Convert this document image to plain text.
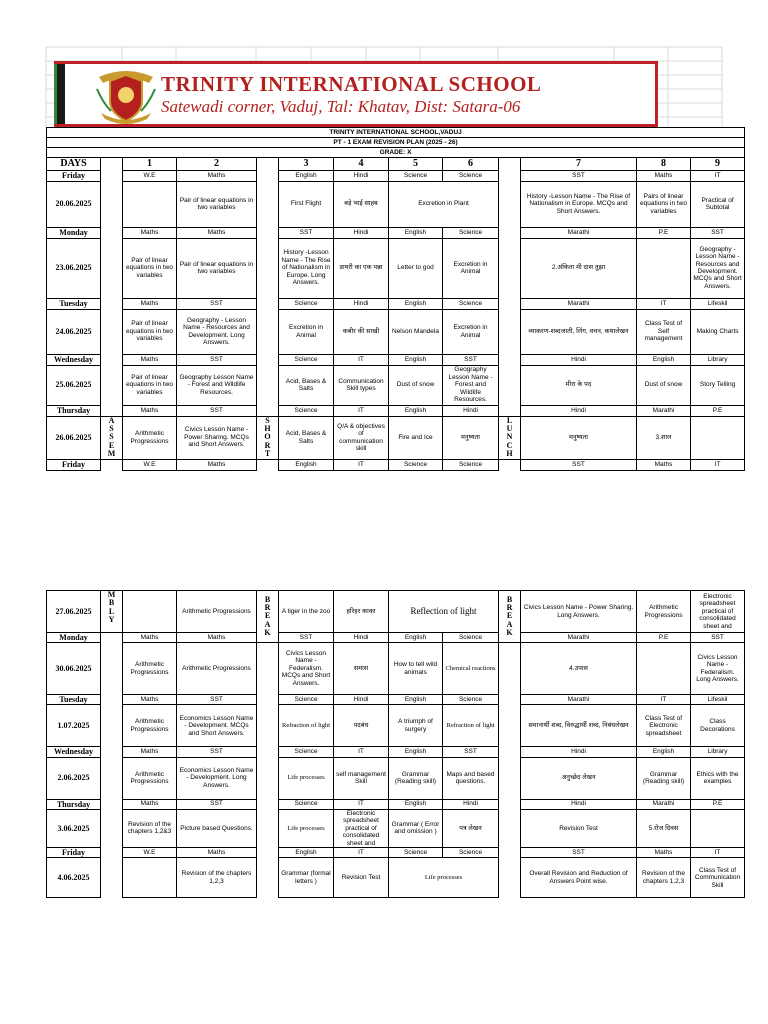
TRINITY INTERNATIONAL SCHOOL
Satewadi corner, Vaduj, Tal: Khatav, Dist: Satara-06
TRINITY INTERNATIONAL SCHOOL,VADUJ												
PT - 1 EXAM REVISION PLAN (2025 - 26)												
GRADE: X												
DAYS		1	2		3	4	5	6		7	8	9
Friday		W.E	Maths		English	Hindi	Science	Science		SST	Maths	IT
20.06.2025			Pair of linear equations in two variables		First Flight	बड़े भाई साहब	Excretion in Plant			History -Lesson Name - The Rise of Nationalism in Europe. MCQs and Short Answers.	Pairs of linear equations in two variables	Practical of Subtotal
Monday		Maths	Maths		SST	Hindi	English	Science		Marathi	P.E	SST
23.06.2025		Pair of linear equations in two variables	Pair of linear equations in two variables		History -Lesson Name - The Rise of Nationalism in Europe. Long Answers.	डायरी का एक पन्ना	Letter to god	Excretion in Animal		2.अंकिता मी दास तुझा		Geography - Lesson Name - Resources and Development. MCQs and Short Answers.
Tuesday		Maths	SST		Science	Hindi	English	Science		Marathi	IT	Lifeskil
24.06.2025		Pair of linear equations in two variables	Geography - Lesson Name - Resources and Development. Long Answers.		Excretion in Animal	कबीर की साखी	Nelson Mandela	Excretion in Animal		व्याकरण-शब्दजाती, लिंग, वचन, कथालेखन	Class Test of Self management	Making Charts
Wednesday		Maths	SST		Science	IT	English	SST		Hindi	English	Library
25.06.2025		Pair of linear equations in two variables	Geography Lesson Name - Forest and Wildlife Resources.		Acid, Bases & Salts	Communication Skill types	Dust of snow	Geography Lesson Name - Forest and Wildlife Resources.		मीरा के पद	Dust of snow	Story Telling
Thursday		Maths	SST		Science	IT	English	Hindi		Hindi	Marathi	P.E
26.06.2025	A S S E M	Arithmetic Progressions	Civics Lesson Name - Power Sharing. MCQs and Short Answers.	S H O R T	Acid, Bases & Salts	Q/A & objectives of communication skill	Fire and Ice	मनुष्यता	L U N C H	मनुष्यता	3.शाल	
Friday		W.E	Maths		English	IT	Science	Science		SST	Maths	IT
27.06.2025	M B L Y		Arithmetic Progressions	B R E A K	A tiger in the zoo	हरिहर काका	Reflection of light		B R E A K	Civics Lesson Name - Power Sharing. Long Answers.	Arithmetic Progressions	Electronic spreadsheet practical of consolidated sheet and
Monday		Maths	Maths		SST	Hindi	English	Science		Marathi	P.E	SST
30.06.2025		Arithmetic Progressions	Arithmetic Progressions		Civics Lesson Name - Federalism. MCQs and Short Answers.	समास	How to tell wild animals	Chemical reactions		4.उपास		Civics Lesson Name - Federalism. Long Answers.
Tuesday		Maths	SST		Science	Hindi	English	Science		Marathi	IT	Lifeskil
1.07.2025		Arithmetic Progressions	Economics Lesson Name - Development. MCQs and Short Answers.		Refraction of light	पदबंध	A triumph of surgery	Refraction of light		समानार्थी शब्द, विरुद्धार्थी शब्द, निबंधलेखन	Class Test of Electronic spreadsheet	Class Decorations
Wednesday		Maths	SST		Science	IT	English	SST		Hindi	English	Library
2.06.2025		Arithmetic Progressions	Economics Lesson Name - Development. Long Answers.		Life processes	self management Skill	Grammar (Reading skill)	Maps and based questions.		अनुच्छेद लेखन	Grammar (Reading skill)	Ethics with the examples
Thursday		Maths	SST		Science	IT	English	Hindi		Hindi	Marathi	P.E
3.06.2025		Revision of the chapters 1,2&3	Picture based Questions.		Life processes	Electronic spreadsheet practical of consolidated sheet and	Grammar ( Error and omission )	पत्र लेखन		Revision Test	5.रोज दिवस	
Friday		W.E	Maths		English	IT	Science	Science		SST	Maths	IT
4.06.2025			Revision of the chapters 1,2,3		Grammar (formal letters )	Revision Test	Life processes			Overall Revision and Reduction of Answers Point wise.	Revision of the chapters 1,2,3	Class Test of Communication Skill
